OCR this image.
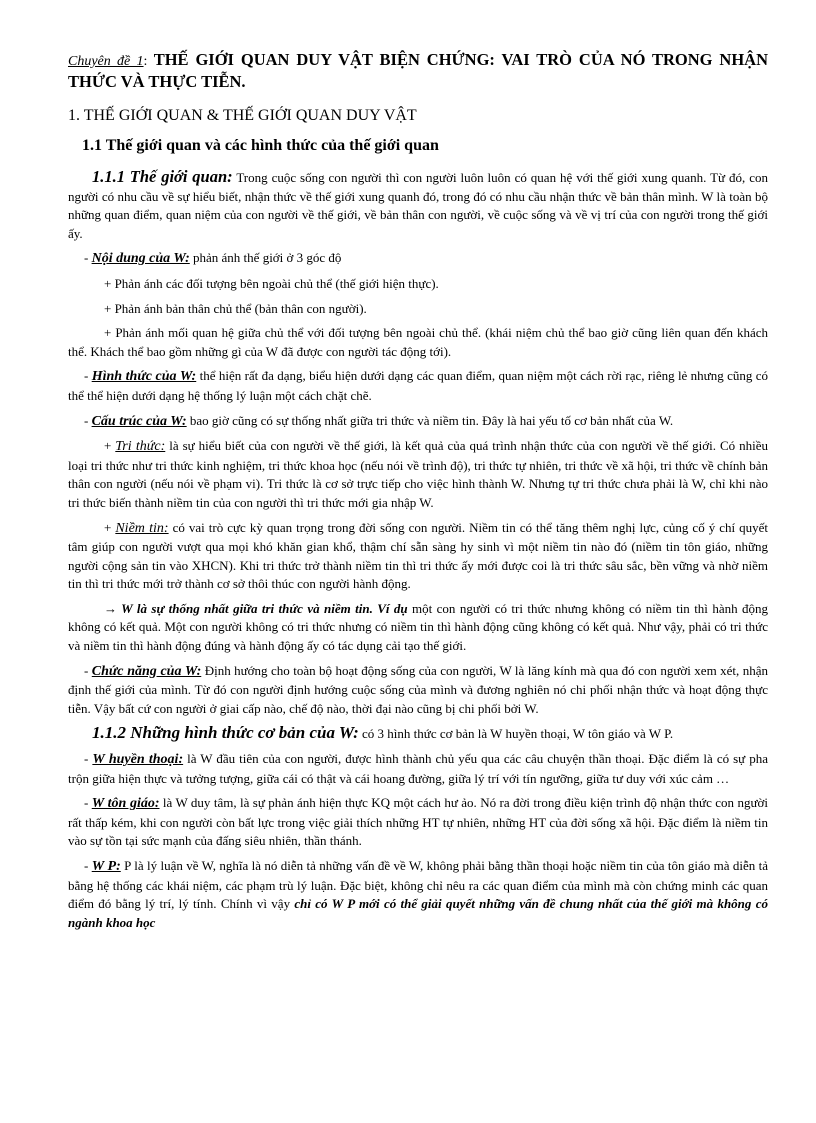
Chuyên đề 1: THẾ GIỚI QUAN DUY VẬT BIỆN CHỨNG: VAI TRÒ CỦA NÓ TRONG NHẬN THỨC VÀ THỰC TIỄN.
1. THẾ GIỚI QUAN & THẾ GIỚI QUAN DUY VẬT
1.1 Thế giới quan và các hình thức của thế giới quan

1.1.1 Thế giới quan: Trong cuộc sống con người thì con người luôn luôn có quan hệ với thế giới xung quanh. Từ đó, con người có nhu cầu về sự hiểu biết, nhận thức về thế giới xung quanh đó, trong đó có nhu cầu nhận thức về bản thân mình. W là toàn bộ những quan điểm, quan niệm của con người về thế giới, về bản thân con người, về cuộc sống và về vị trí của con người trong thế giới ấy.

- Nội dung của W: phản ánh thế giới ở 3 góc độ

+ Phản ánh các đối tượng bên ngoài chủ thể (thế giới hiện thực).

+ Phản ánh bản thân chủ thể (bản thân con người).

+ Phản ánh mối quan hệ giữa chủ thể với đối tượng bên ngoài chủ thể. (khái niệm chủ thể bao giờ cũng liên quan đến khách thể. Khách thể bao gồm những gì của W đã được con người tác động tới).

- Hình thức của W: thể hiện rất đa dạng, biểu hiện dưới dạng các quan điểm, quan niệm một cách rời rạc, riêng lẻ nhưng cũng có thể thể hiện dưới dạng hệ thống lý luận một cách chặt chẽ.

- Cấu trúc của W: bao giờ cũng có sự thống nhất giữa tri thức và niềm tin. Đây là hai yếu tố cơ bản nhất của W.

+ Tri thức: là sự hiểu biết của con người về thế giới, là kết quả của quá trình nhận thức của con người về thế giới. Có nhiều loại tri thức như tri thức kinh nghiệm, tri thức khoa học (nếu nói về trình độ), tri thức tự nhiên, tri thức về xã hội, tri thức về chính bản thân con người (nếu nói về phạm vi). Tri thức là cơ sở trực tiếp cho việc hình thành W. Nhưng tự tri thức chưa phải là W, chỉ khi nào tri thức biến thành niềm tin của con người thì tri thức mới gia nhập W.

+ Niềm tin: có vai trò cực kỳ quan trọng trong đời sống con người. Niềm tin có thể tăng thêm nghị lực, củng cố ý chí quyết tâm giúp con người vượt qua mọi khó khăn gian khổ, thậm chí sẵn sàng hy sinh vì một niềm tin nào đó (niềm tin tôn giáo, những người cộng sản tin vào XHCN). Khi tri thức trở thành niềm tin thì tri thức ấy mới được coi là tri thức sâu sắc, bền vững và nhờ niềm tin thì tri thức mới trở thành cơ sở thôi thúc con người hành động.

→ W là sự thống nhất giữa tri thức và niềm tin. Ví dụ một con người có tri thức nhưng không có niềm tin thì hành động không có kết quả. Một con người không có tri thức nhưng có niềm tin thì hành động cũng không có kết quả. Như vậy, phải có tri thức và niềm tin thì hành động đúng và hành động ấy có tác dụng cải tạo thế giới.

- Chức năng của W: Định hướng cho toàn bộ hoạt động sống của con người, W là lăng kính mà qua đó con người xem xét, nhận định thế giới của mình. Từ đó con người định hướng cuộc sống của mình và đương nghiên nó chi phối nhận thức và hoạt động thực tiễn. Vậy bất cứ con người ở giai cấp nào, chế độ nào, thời đại nào cũng bị chi phối bởi W.

1.1.2 Những hình thức cơ bản của W: có 3 hình thức cơ bản là W huyền thoại, W tôn giáo và W P.

- W huyền thoại: là W đầu tiên của con người, được hình thành chủ yếu qua các câu chuyện thần thoại. Đặc điểm là có sự pha trộn giữa hiện thực và tưởng tượng, giữa cái có thật và cái hoang đường, giữa lý trí với tín ngưỡng, giữa tư duy với xúc cảm …

- W tôn giáo: là W duy tâm, là sự phản ánh hiện thực KQ một cách hư ảo. Nó ra đời trong điều kiện trình độ nhận thức con người rất thấp kém, khi con người còn bất lực trong việc giải thích những HT tự nhiên, những HT của đời sống xã hội. Đặc điểm là niềm tin vào sự tồn tại sức mạnh của đấng siêu nhiên, thần thánh.

- W P: P là lý luận về W, nghĩa là nó diễn tả những vấn đề về W, không phải bằng thần thoại hoặc niềm tin của tôn giáo mà diễn tả bằng hệ thống các khái niệm, các phạm trù lý luận. Đặc biệt, không chỉ nêu ra các quan điểm của mình mà còn chứng minh các quan điểm đó bằng lý trí, lý tính. Chính vì vậy chỉ có W P mới có thể giải quyết những vấn đề chung nhất của thế giới mà không có ngành khoa học
